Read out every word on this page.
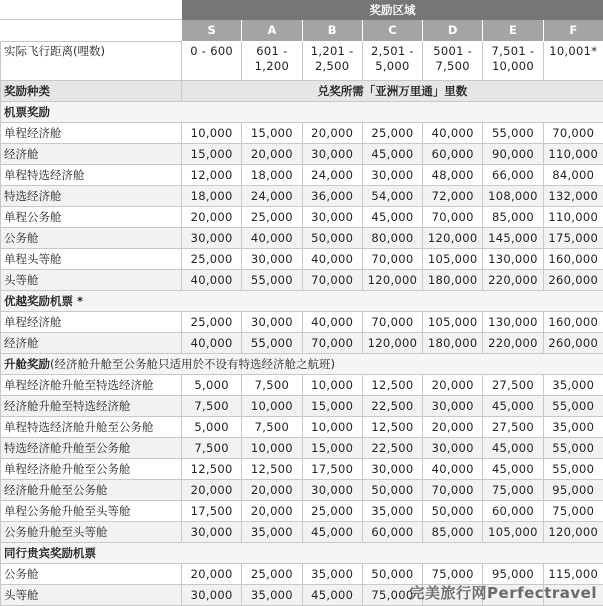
	奖励区域						
	S	A	B	C	D	E	F
实际飞行距离(哩数)	0 - 600	601 - 1,200	1,201 - 2,500	2,501 - 5,000	5001 - 7,500	7,501 - 10,000	10,001*
奖励种类	兑奖所需「亚洲万里通」里数						
机票奖励							
单程经济舱	10,000	15,000	20,000	25,000	40,000	55,000	70,000
经济舱	15,000	20,000	30,000	45,000	60,000	90,000	110,000
单程特选经济舱	12,000	18,000	24,000	30,000	48,000	66,000	84,000
特选经济舱	18,000	24,000	36,000	54,000	72,000	108,000	132,000
单程公务舱	20,000	25,000	30,000	45,000	70,000	85,000	110,000
公务舱	30,000	40,000	50,000	80,000	120,000	145,000	175,000
单程头等舱	25,000	30,000	40,000	70,000	105,000	130,000	160,000
头等舱	40,000	55,000	70,000	120,000	180,000	220,000	260,000
优越奖励机票 *							
单程经济舱	25,000	30,000	40,000	70,000	105,000	130,000	160,000
经济舱	40,000	55,000	70,000	120,000	180,000	220,000	260,000
升舱奖励(经济舱升舱至公务舱只适用於不设有特选经济舱之航班)							
单程经济舱升舱至特选经济舱	5,000	7,500	10,000	12,500	20,000	27,500	35,000
经济舱升舱至特选经济舱	7,500	10,000	15,000	22,500	30,000	45,000	55,000
单程特选经济舱升舱至公务舱	5,000	7,500	10,000	12,500	20,000	27,500	35,000
特选经济舱升舱至公务舱	7,500	10,000	15,000	22,500	30,000	45,000	55,000
单程经济舱升舱至公务舱	12,500	12,500	17,500	30,000	40,000	45,000	55,000
经济舱升舱至公务舱	20,000	20,000	30,000	50,000	70,000	75,000	95,000
单程公务舱升舱至头等舱	17,500	20,000	25,000	35,000	50,000	60,000	75,000
公务舱升舱至头等舱	30,000	35,000	45,000	60,000	85,000	105,000	120,000
同行贵宾奖励机票							
公务舱	20,000	25,000	35,000	50,000	75,000	95,000	115,000
头等舱	30,000	35,000	45,000	75,000			
完美旅行网Perfectravel
